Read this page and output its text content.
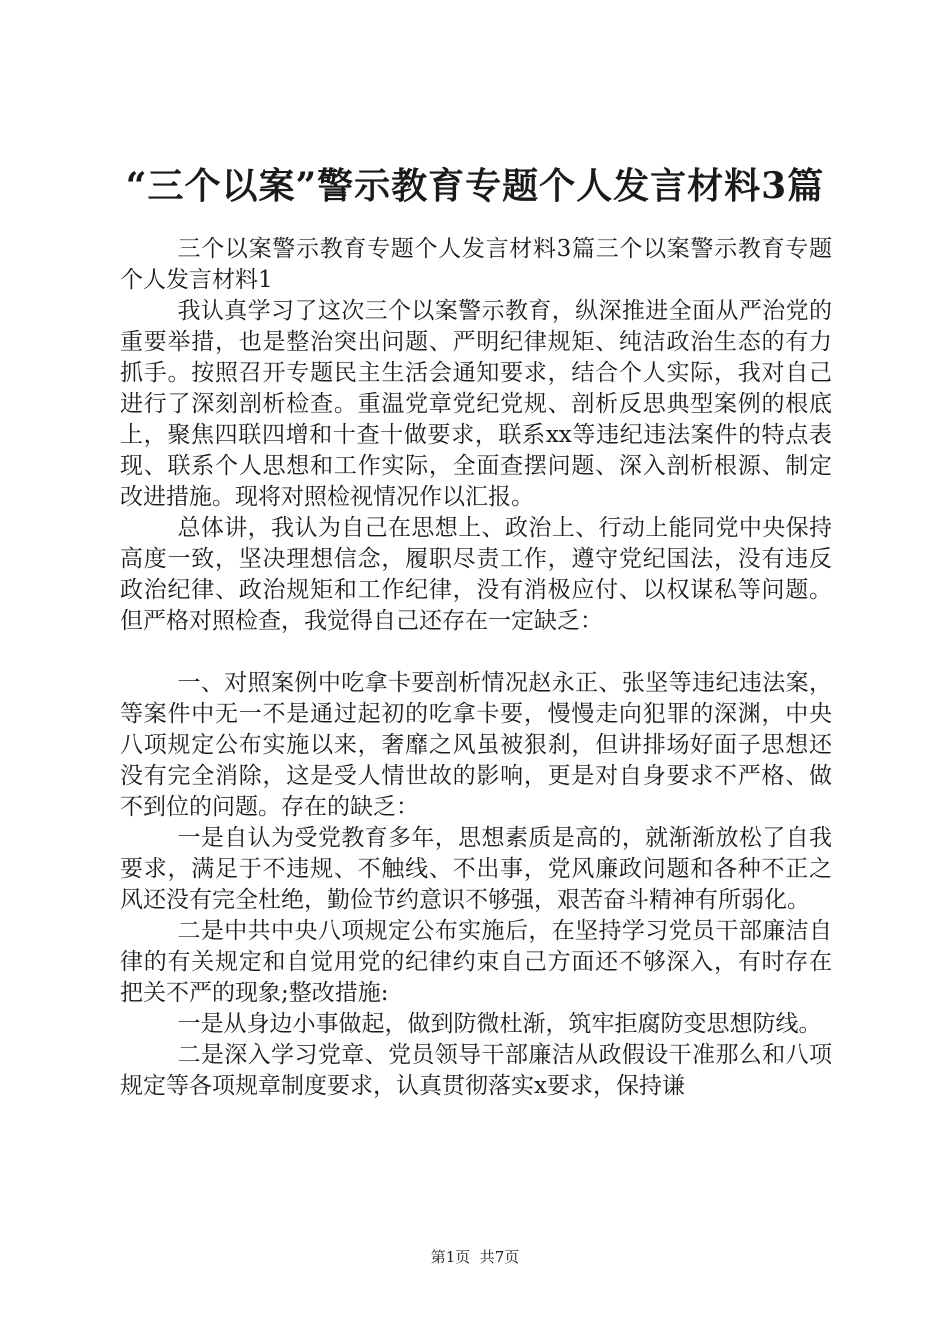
“三个以案”警示教育专题个人发言材料3篇

三个以案警示教育专题个人发言材料3篇三个以案警示教育专题个人发言材料1

我认真学习了这次三个以案警示教育，纵深推进全面从严治党的重要举措，也是整治突出问题、严明纪律规矩、纯洁政治生态的有力抓手。按照召开专题民主生活会通知要求，结合个人实际，我对自己进行了深刻剖析检查。重温党章党纪党规、剖析反思典型案例的根底上，聚焦四联四增和十查十做要求，联系xx等违纪违法案件的特点表现、联系个人思想和工作实际，全面查摆问题、深入剖析根源、制定改进措施。现将对照检视情况作以汇报。

总体讲，我认为自己在思想上、政治上、行动上能同党中央保持高度一致，坚决理想信念，履职尽责工作，遵守党纪国法，没有违反政治纪律、政治规矩和工作纪律，没有消极应付、以权谋私等问题。但严格对照检查，我觉得自己还存在一定缺乏：

一、对照案例中吃拿卡要剖析情况赵永正、张坚等违纪违法案，等案件中无一不是通过起初的吃拿卡要，慢慢走向犯罪的深渊，中央八项规定公布实施以来，奢靡之风虽被狠刹，但讲排场好面子思想还没有完全消除，这是受人情世故的影响，更是对自身要求不严格、做不到位的问题。存在的缺乏：

一是自认为受党教育多年，思想素质是高的，就渐渐放松了自我要求，满足于不违规、不触线、不出事，党风廉政问题和各种不正之风还没有完全杜绝，勤俭节约意识不够强，艰苦奋斗精神有所弱化。

二是中共中央八项规定公布实施后，在坚持学习党员干部廉洁自律的有关规定和自觉用党的纪律约束自己方面还不够深入，有时存在把关不严的现象;整改措施:

一是从身边小事做起，做到防微杜渐，筑牢拒腐防变思想防线。

二是深入学习党章、党员领导干部廉洁从政假设干准那么和八项规定等各项规章制度要求，认真贯彻落实x要求，保持谦

第1页  共7页
